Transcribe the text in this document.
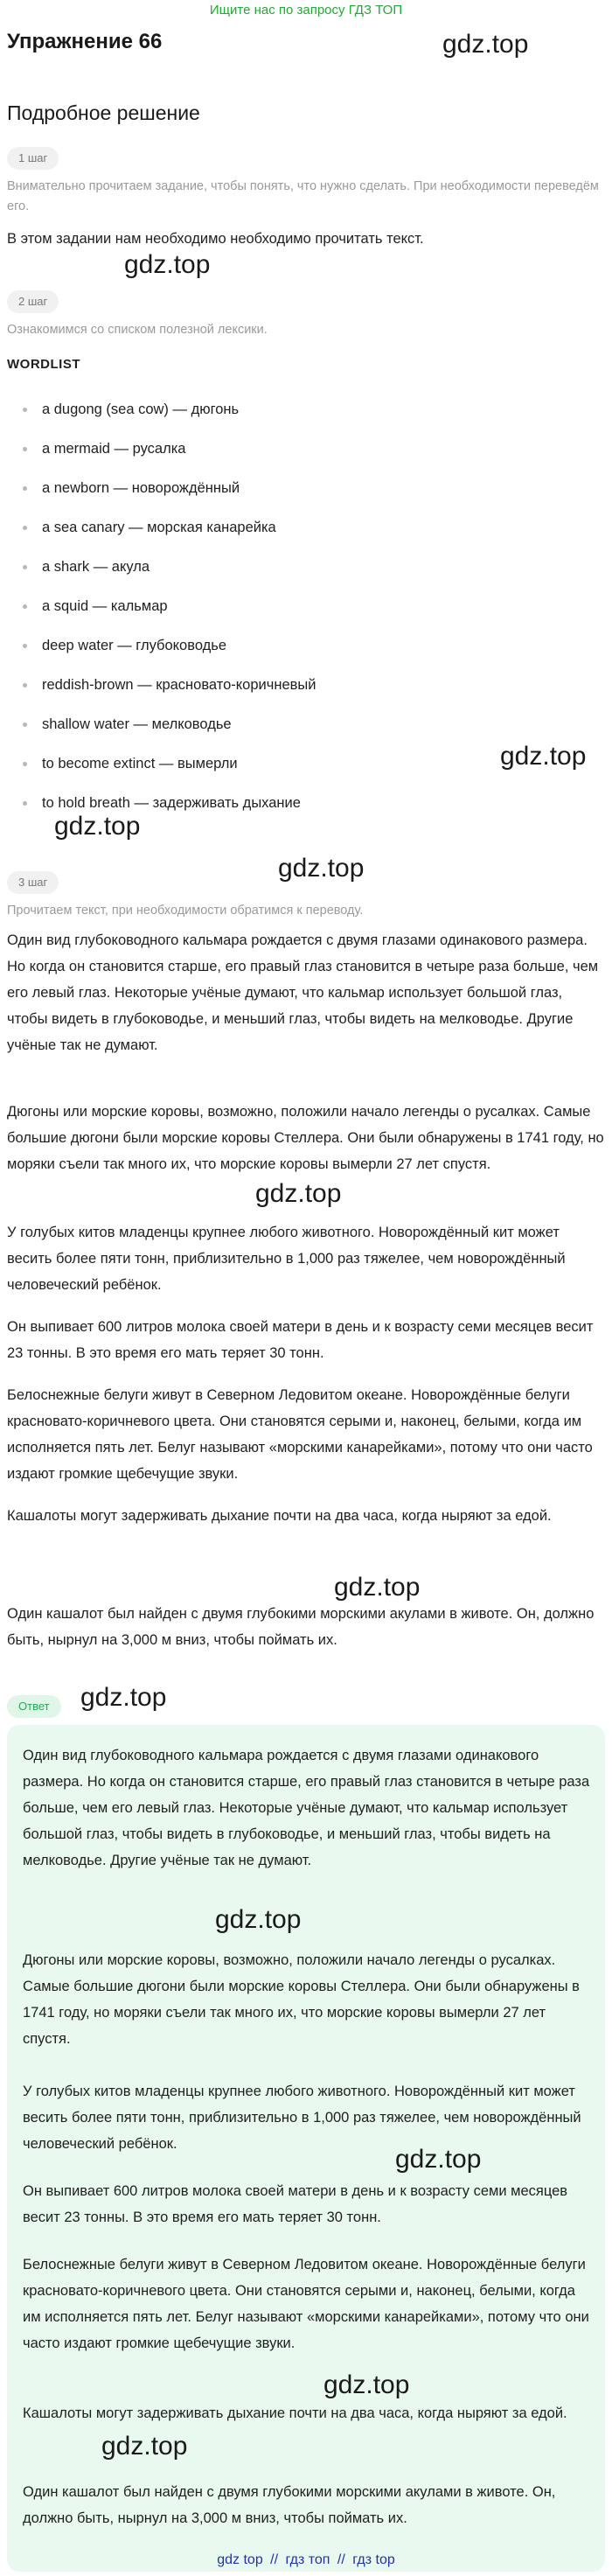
Ищите нас по запросу ГДЗ ТОП
Упражнение 66	gdz.top
Подробное решение
1 шаг

Внимательно прочитаем задание, чтобы понять, что нужно сделать. При необходимости переведём его.

В этом задании нам необходимо необходимо прочитать текст.

gdz.top
2 шаг

Ознакомимся со списком полезной лексики.

WORDLIST
a dugong (sea cow) — дюгонь
a mermaid — русалка
a newborn — новорождённый
a sea canary — морская канарейка
a shark — акула
a squid — кальмар
deep water — глубоководье
reddish-brown — красновато-коричневый
shallow water — мелководье
to become extinct — вымерли
to hold breath — задерживать дыхание
gdz.top
gdz.top
gdz.top
3 шаг

Прочитаем текст, при необходимости обратимся к переводу.

Один вид глубоководного кальмара рождается с двумя глазами одинакового размера. Но когда он становится старше, его правый глаз становится в четыре раза больше, чем его левый глаз. Некоторые учёные думают, что кальмар использует большой глаз, чтобы видеть в глубоководье, и меньший глаз, чтобы видеть на мелководье. Другие учёные так не думают.

Дюгоны или морские коровы, возможно, положили начало легенды о русалках. Самые большие дюгони были морские коровы Стеллера. Они были обнаружены в 1741 году, но моряки съели так много их, что морские коровы вымерли 27 лет спустя.

gdz.top

У голубых китов младенцы крупнее любого животного. Новорождённый кит может весить более пяти тонн, приблизительно в 1,000 раз тяжелее, чем новорождённый человеческий ребёнок.

Он выпивает 600 литров молока своей матери в день и к возрасту семи месяцев весит 23 тонны. В это время его мать теряет 30 тонн.

Белоснежные белуги живут в Северном Ледовитом океане. Новорождённые белуги красновато-коричневого цвета. Они становятся серыми и, наконец, белыми, когда им исполняется пять лет. Белуг называют «морскими канарейками», потому что они часто издают громкие щебечущие звуки.

Кашалоты могут задерживать дыхание почти на два часа, когда ныряют за едой.

gdz.top

Один кашалот был найден с двумя глубокими морскими акулами в животе. Он, должно быть, нырнул на 3,000 м вниз, чтобы поймать их.

Ответ	gdz.top

Один вид глубоководного кальмара рождается с двумя глазами одинакового размера. Но когда он становится старше, его правый глаз становится в четыре раза больше, чем его левый глаз. Некоторые учёные думают, что кальмар использует большой глаз, чтобы видеть в глубоководье, и меньший глаз, чтобы видеть на мелководье. Другие учёные так не думают.

gdz.top

Дюгоны или морские коровы, возможно, положили начало легенды о русалках. Самые большие дюгони были морские коровы Стеллера. Они были обнаружены в 1741 году, но моряки съели так много их, что морские коровы вымерли 27 лет спустя.

У голубых китов младенцы крупнее любого животного. Новорождённый кит может весить более пяти тонн, приблизительно в 1,000 раз тяжелее, чем новорождённый человеческий ребёнок.

gdz.top

Он выпивает 600 литров молока своей матери в день и к возрасту семи месяцев весит 23 тонны. В это время его мать теряет 30 тонн.

Белоснежные белуги живут в Северном Ледовитом океане. Новорождённые белуги красновато-коричневого цвета. Они становятся серыми и, наконец, белыми, когда им исполняется пять лет. Белуг называют «морскими канарейками», потому что они часто издают громкие щебечущие звуки.

gdz.top

Кашалоты могут задерживать дыхание почти на два часа, когда ныряют за едой.

gdz.top

Один кашалот был найден с двумя глубокими морскими акулами в животе. Он, должно быть, нырнул на 3,000 м вниз, чтобы поймать их.

gdz top // гдз топ // гдз top
